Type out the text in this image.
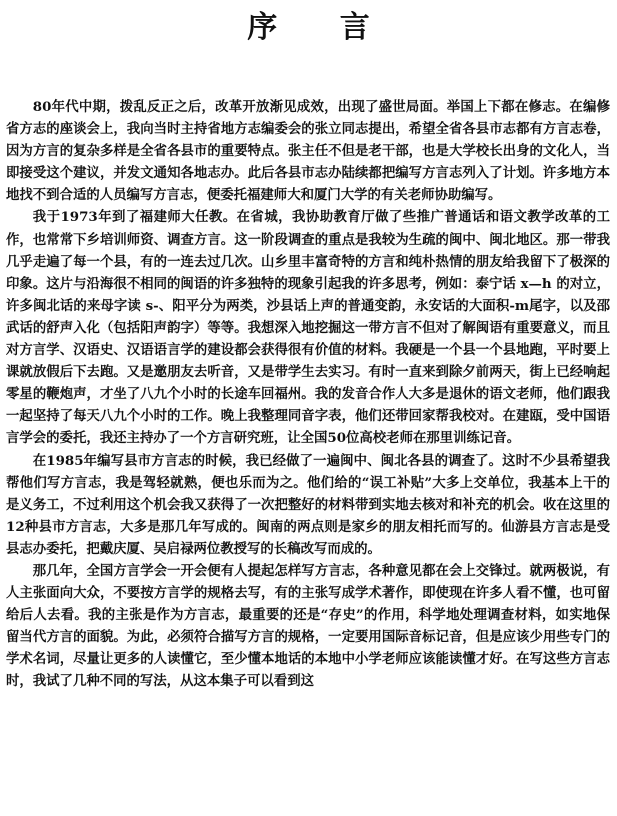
序 言

80年代中期，拨乱反正之后，改革开放渐见成效，出现了盛世局面。举国上下都在修志。在编修省方志的座谈会上，我向当时主持省地方志编委会的张立同志提出，希望全省各县市志都有方言志卷，因为方言的复杂多样是全省各县市的重要特点。张主任不但是老干部，也是大学校长出身的文化人，当即接受这个建议，并发文通知各地志办。此后各县市志办陆续都把编写方言志列入了计划。许多地方本地找不到合适的人员编写方言志，便委托福建师大和厦门大学的有关老师协助编写。

我于1973年到了福建师大任教。在省城，我协助教育厅做了些推广普通话和语文教学改革的工作，也常常下乡培训师资、调查方言。这一阶段调查的重点是我较为生疏的闽中、闽北地区。那一带我几乎走遍了每一个县，有的一连去过几次。山乡里丰富奇特的方言和纯朴热情的朋友给我留下了极深的印象。这片与沿海很不相同的闽语的许多独特的现象引起我的许多思考，例如：泰宁话 x—h 的对立，许多闽北话的来母字读 s-、阳平分为两类，沙县话上声的普通变韵，永安话的大面积-m尾字，以及邵武话的舒声入化（包括阳声韵字）等等。我想深入地挖掘这一带方言不但对了解闽语有重要意义，而且对方言学、汉语史、汉语语言学的建设都会获得很有价值的材料。我硬是一个县一个县地跑，平时要上课就放假后下去跑。又是邀朋友去听音，又是带学生去实习。有时一直来到除夕前两天，街上已经响起零星的鞭炮声，才坐了八九个小时的长途车回福州。我的发音合作人大多是退休的语文老师，他们跟我一起坚持了每天八九个小时的工作。晚上我整理同音字表，他们还带回家帮我校对。在建瓯，受中国语言学会的委托，我还主持办了一个方言研究班，让全国50位高校老师在那里训练记音。

在1985年编写县市方言志的时候，我已经做了一遍闽中、闽北各县的调查了。这时不少县希望我帮他们写方言志，我是驾轻就熟，便也乐而为之。他们给的“误工补贴”大多上交单位，我基本上干的是义务工，不过利用这个机会我又获得了一次把整好的材料带到实地去核对和补充的机会。收在这里的12种县市方言志，大多是那几年写成的。闽南的两点则是家乡的朋友相托而写的。仙游县方言志是受县志办委托，把戴庆厦、吴启禄两位教授写的长稿改写而成的。

那几年，全国方言学会一开会便有人提起怎样写方言志，各种意见都在会上交锋过。就两极说，有人主张面向大众，不要按方言学的规格去写，有的主张写成学术著作，即使现在许多人看不懂，也可留给后人去看。我的主张是作为方言志，最重要的还是“存史”的作用，科学地处理调查材料，如实地保留当代方言的面貌。为此，必须符合描写方言的规格，一定要用国际音标记音，但是应该少用些专门的学术名词，尽量让更多的人读懂它，至少懂本地话的本地中小学老师应该能读懂才好。在写这些方言志时，我试了几种不同的写法，从这本集子可以看到这
